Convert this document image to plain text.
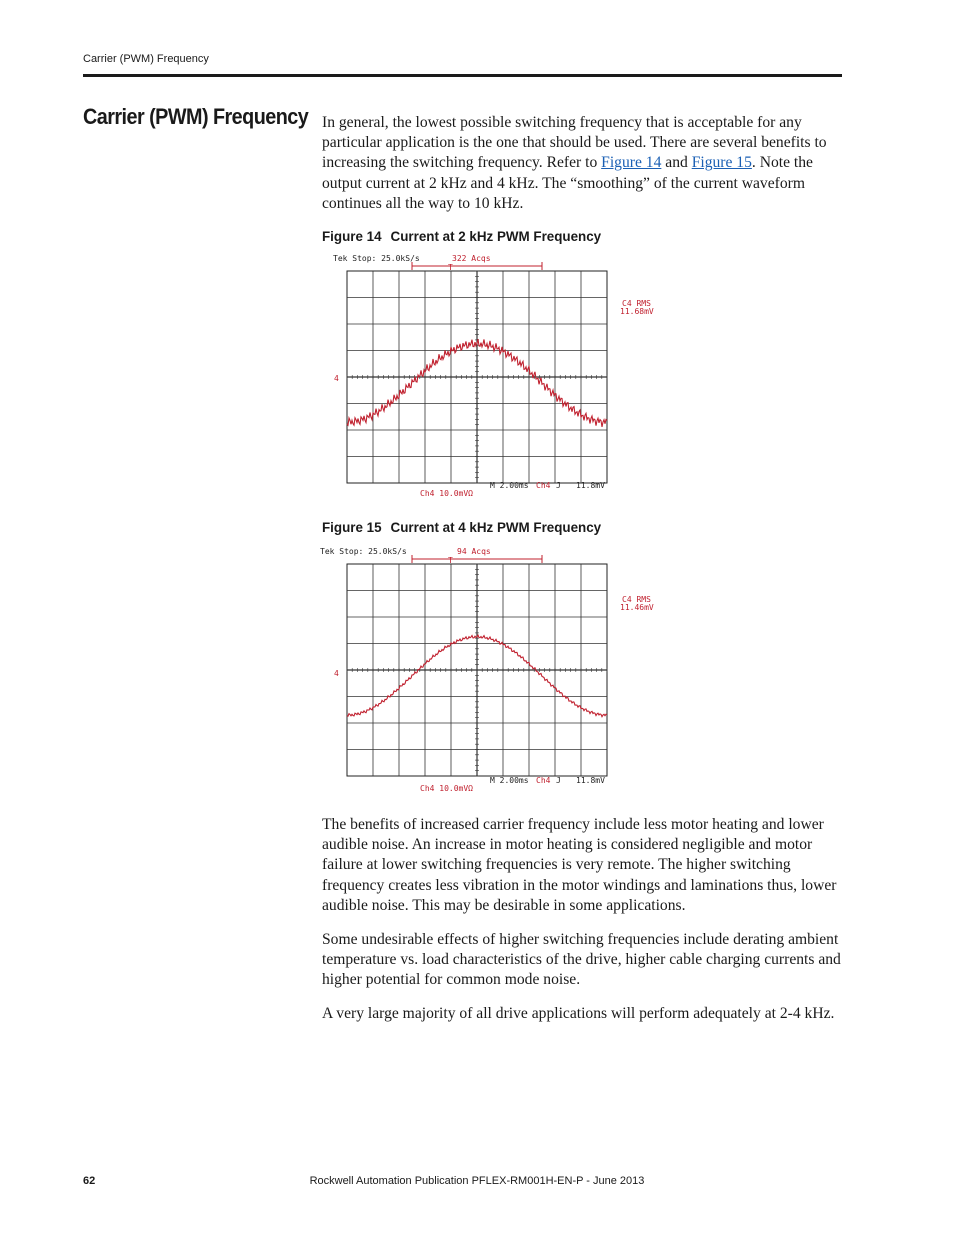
Carrier (PWM) Frequency
Carrier (PWM) Frequency In general, the lowest possible switching frequency that is acceptable for any particular application is the one that should be used. There are several benefits to increasing the switching frequency. Refer to Figure 14 and Figure 15. Note the output current at 2 kHz and 4 kHz. The “smoothing” of the current waveform continues all the way to 10 kHz.

Figure 14 Current at 2 kHz PWM Frequency
Tek Stop: 25.0kS/s	322 Acqs
T
C4 RMS
11.68mV
4
Ch4 10.0mVΩ
M 2.00ms Ch4 J 11.8mV
Figure 15 Current at 4 kHz PWM Frequency
Tek Stop: 25.0kS/s	94 Acqs
T
C4 RMS
11.46mV
4
Ch4 10.0mVΩ
M 2.00ms Ch4 J 11.8mV

The benefits of increased carrier frequency include less motor heating and lower audible noise. An increase in motor heating is considered negligible and motor failure at lower switching frequencies is very remote. The higher switching frequency creates less vibration in the motor windings and laminations thus, lower audible noise. This may be desirable in some applications.

Some undesirable effects of higher switching frequencies include derating ambient temperature vs. load characteristics of the drive, higher cable charging currents and higher potential for common mode noise.

A very large majority of all drive applications will perform adequately at 2-4 kHz.

62	Rockwell Automation Publication PFLEX-RM001H-EN-P - June 2013
